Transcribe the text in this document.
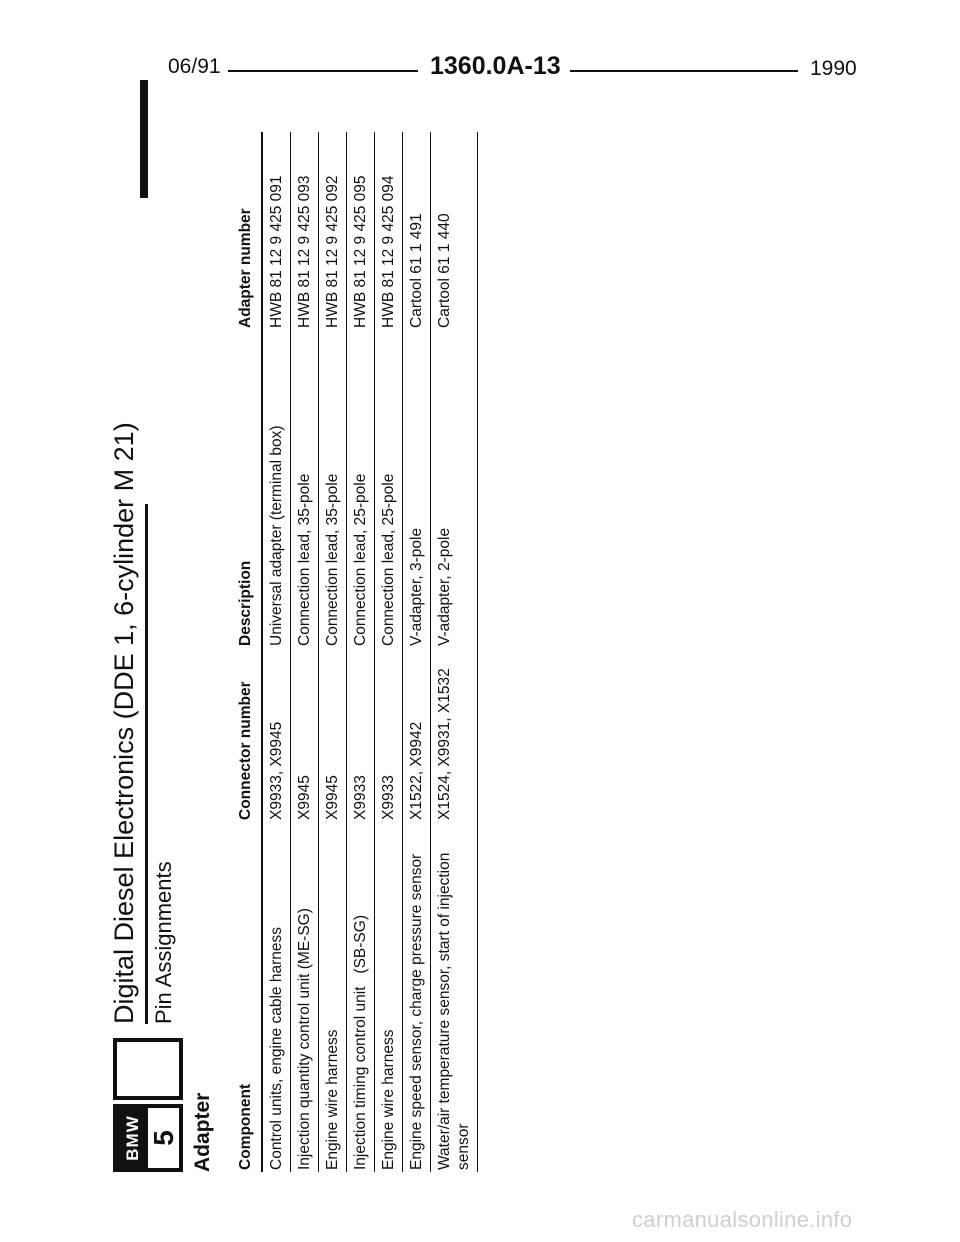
06/91	1360.0A-13	1990
BMW 5
Digital Diesel Electronics (DDE 1, 6-cylinder M 21) Pin Assignments
Adapter Component	Connector number	Description	Adapter number
Control units, engine cable harness	X9933, X9945	Universal adapter (terminal box)	HWB 81 12 9 425 091
Injection quantity control unit (ME-SG)	X9945	Connection lead, 35-pole	HWB 81 12 9 425 093
Engine wire harness	X9945	Connection lead, 35-pole	HWB 81 12 9 425 092
Injection timing control unit   (SB-SG)	X9933	Connection lead, 25-pole	HWB 81 12 9 425 095
Engine wire harness	X9933	Connection lead, 25-pole	HWB 81 12 9 425 094
Engine speed sensor, charge pressure sensor	X1522, X9942	V-adapter, 3-pole	Cartool 61 1 491
Water/air temperature sensor, start of injection sensor	X1524, X9931, X1532	V-adapter, 2-pole	Cartool 61 1 440
carmanualsonline.info
